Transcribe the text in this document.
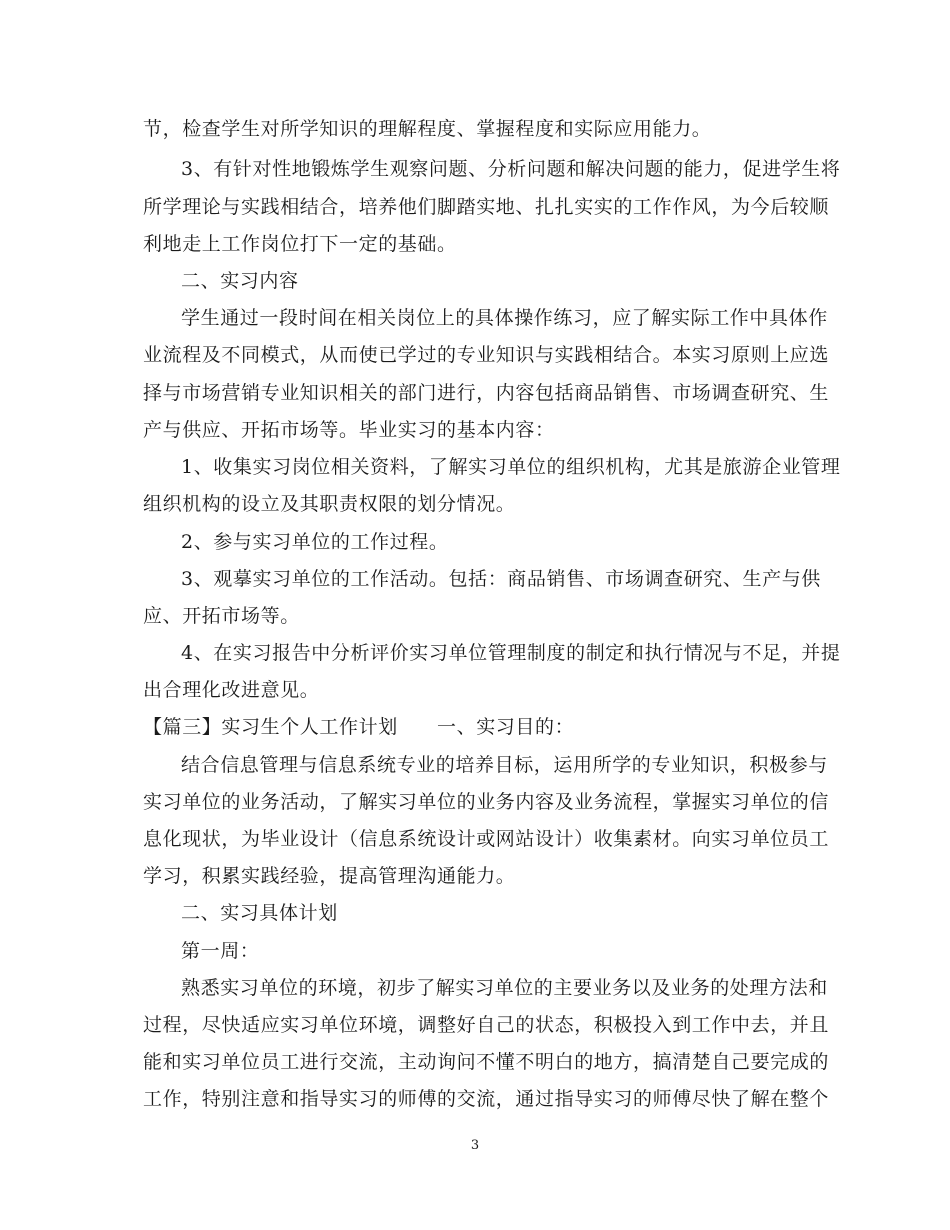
节，检查学生对所学知识的理解程度、掌握程度和实际应用能力。
3、有针对性地锻炼学生观察问题、分析问题和解决问题的能力，促进学生将
所学理论与实践相结合，培养他们脚踏实地、扎扎实实的工作作风，为今后较顺
利地走上工作岗位打下一定的基础。
二、实习内容
学生通过一段时间在相关岗位上的具体操作练习，应了解实际工作中具体作
业流程及不同模式，从而使已学过的专业知识与实践相结合。本实习原则上应选
择与市场营销专业知识相关的部门进行，内容包括商品销售、市场调查研究、生
产与供应、开拓市场等。毕业实习的基本内容：
1、收集实习岗位相关资料，了解实习单位的组织机构，尤其是旅游企业管理
组织机构的设立及其职责权限的划分情况。
2、参与实习单位的工作过程。
3、观摹实习单位的工作活动。包括：商品销售、市场调查研究、生产与供
应、开拓市场等。
4、在实习报告中分析评价实习单位管理制度的制定和执行情况与不足，并提
出合理化改进意见。
【篇三】实习生个人工作计划　　一、实习目的：
结合信息管理与信息系统专业的培养目标，运用所学的专业知识，积极参与
实习单位的业务活动，了解实习单位的业务内容及业务流程，掌握实习单位的信
息化现状，为毕业设计（信息系统设计或网站设计）收集素材。向实习单位员工
学习，积累实践经验，提高管理沟通能力。
二、实习具体计划
第一周：
熟悉实习单位的环境，初步了解实习单位的主要业务以及业务的处理方法和
过程，尽快适应实习单位环境，调整好自己的状态，积极投入到工作中去，并且
能和实习单位员工进行交流，主动询问不懂不明白的地方，搞清楚自己要完成的
工作，特别注意和指导实习的师傅的交流，通过指导实习的师傅尽快了解在整个
3
